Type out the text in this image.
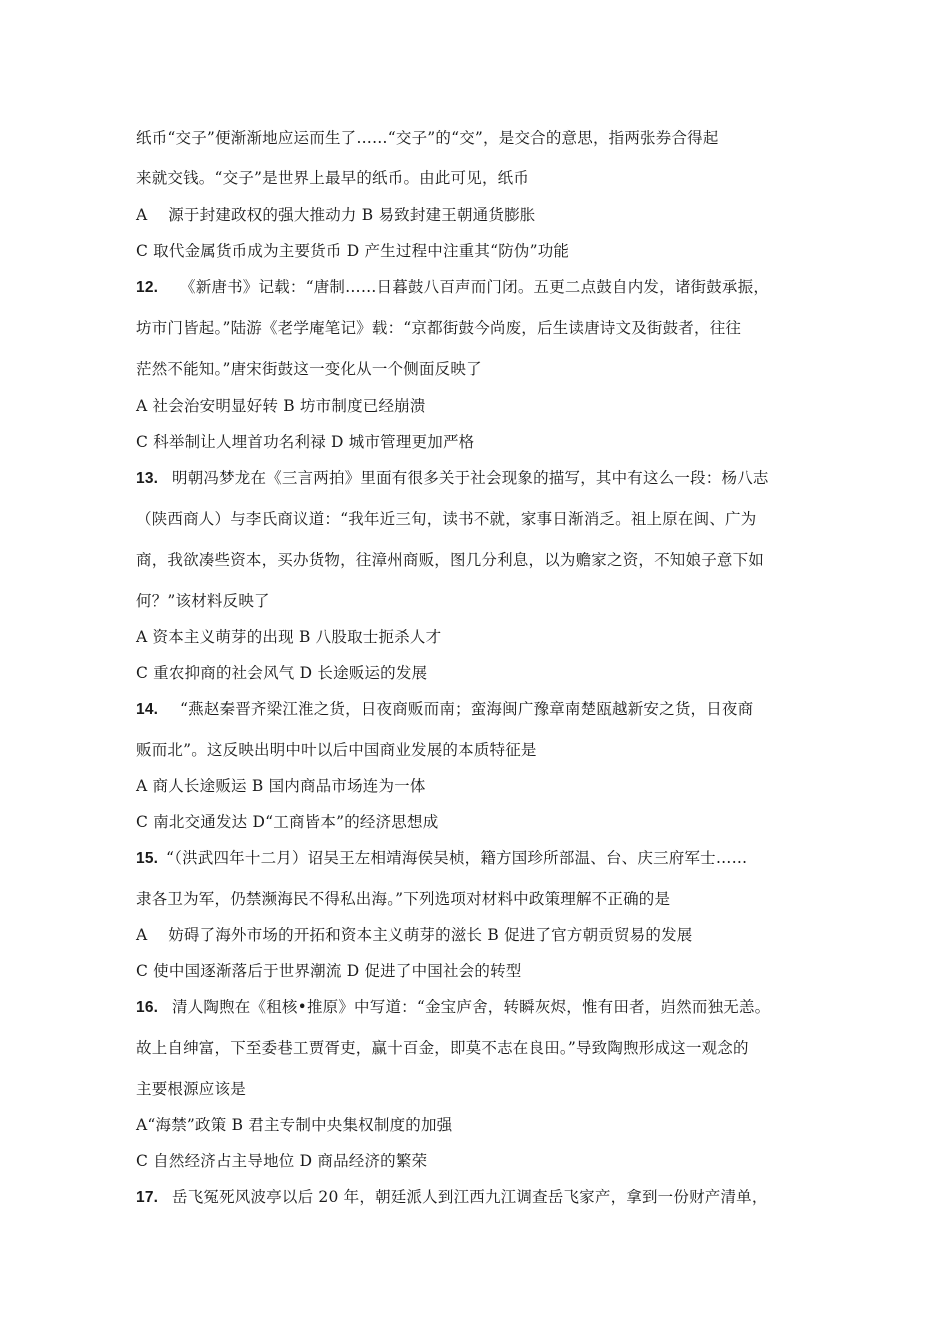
纸币“交子”便渐渐地应运而生了……“交子”的“交”，是交合的意思，指两张券合得起
来就交钱。“交子”是世界上最早的纸币。由此可见，纸币
A　 源于封建政权的强大推动力 B 易致封建王朝通货膨胀
C 取代金属货币成为主要货币 D 产生过程中注重其“防伪”功能
12. 《新唐书》记载：“唐制……日暮鼓八百声而门闭。五更二点鼓自内发，诸街鼓承振，
坊市门皆起。”陆游《老学庵笔记》载：“京都街鼓今尚废，后生读唐诗文及街鼓者，往往
茫然不能知。”唐宋街鼓这一变化从一个侧面反映了
A 社会治安明显好转 B 坊市制度已经崩溃
C 科举制让人埋首功名利禄 D 城市管理更加严格
13. 明朝冯梦龙在《三言两拍》里面有很多关于社会现象的描写，其中有这么一段：杨八志
（陕西商人）与李氏商议道：“我年近三旬，读书不就，家事日渐消乏。祖上原在闽、广为
商，我欲凑些资本，买办货物，往漳州商贩，图几分利息，以为赡家之资，不知娘子意下如
何？”该材料反映了
A 资本主义萌芽的出现 B 八股取士扼杀人才
C 重农抑商的社会风气 D 长途贩运的发展
14. “燕赵秦晋齐梁江淮之货，日夜商贩而南；蛮海闽广豫章南楚瓯越新安之货，日夜商
贩而北”。这反映出明中叶以后中国商业发展的本质特征是
A 商人长途贩运 B 国内商品市场连为一体
C 南北交通发达 D“工商皆本”的经济思想成
15. “（洪武四年十二月）诏吴王左相靖海侯吴桢，籍方国珍所部温、台、庆三府军士……
隶各卫为军，仍禁濒海民不得私出海。”下列选项对材料中政策理解不正确的是
A　 妨碍了海外市场的开拓和资本主义萌芽的滋长 B 促进了官方朝贡贸易的发展
C 使中国逐渐落后于世界潮流 D 促进了中国社会的转型
16. 清人陶煦在《租核•推原》中写道：“金宝庐舍，转瞬灰烬，惟有田者，岿然而独无恙。
故上自绅富，下至委巷工贾胥吏，赢十百金，即莫不志在良田。”导致陶煦形成这一观念的
主要根源应该是
A“海禁”政策 B 君主专制中央集权制度的加强
C 自然经济占主导地位 D 商品经济的繁荣
17. 岳飞冤死风波亭以后 20 年，朝廷派人到江西九江调查岳飞家产，拿到一份财产清单，
